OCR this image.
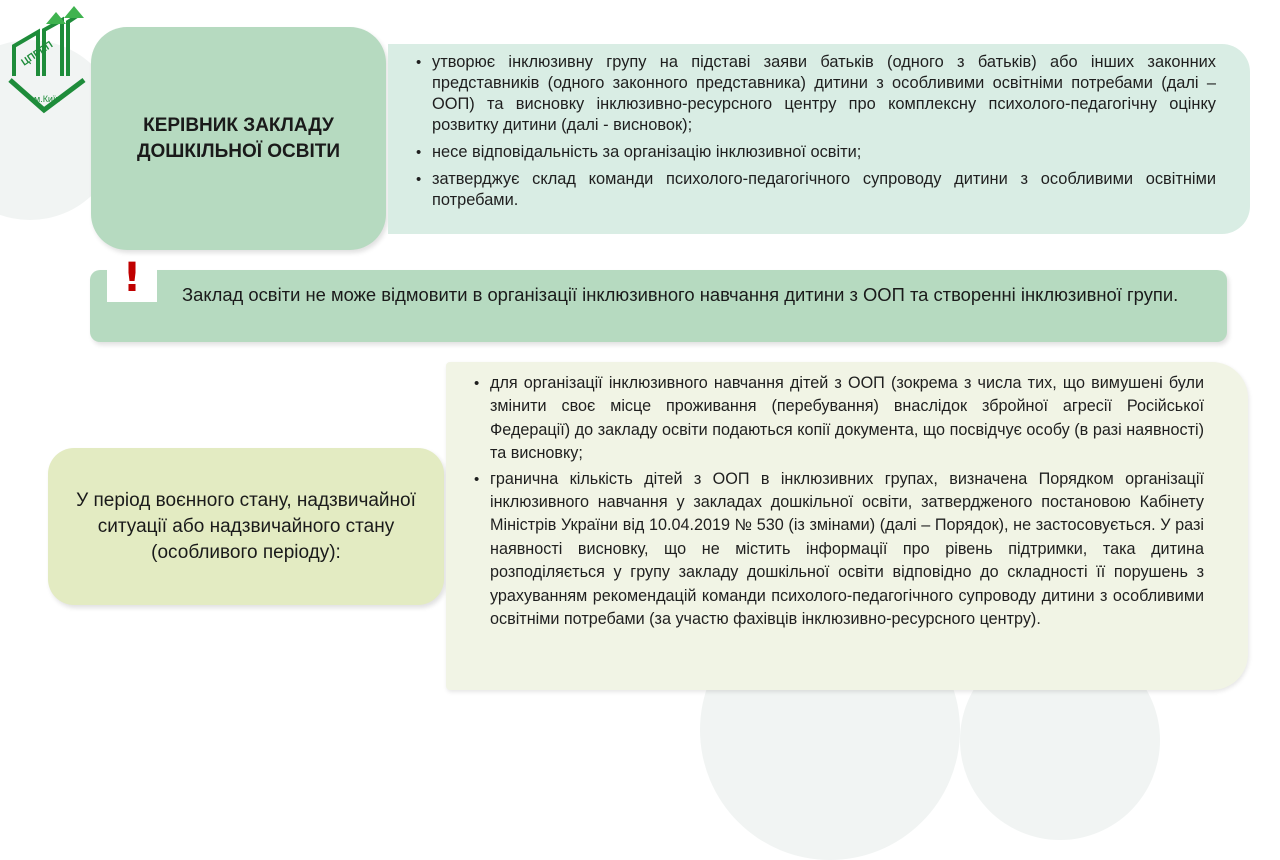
ЦПРПП
м.Київ
КЕРІВНИК ЗАКЛАДУ
ДОШКІЛЬНОЇ ОСВІТИ
• утворює інклюзивну групу на підставі заяви батьків (одного з батьків) або інших законних представників (одного законного представника) дитини з особливими освітніми потребами (далі – ООП) та висновку інклюзивно-ресурсного центру про комплексну психолого-педагогічну оцінку розвитку дитини (далі - висновок);
• несе відповідальність за організацію інклюзивної освіти;
• затверджує склад команди психолого-педагогічного супроводу дитини з особливими освітніми потребами.
Заклад освіти не може відмовити в організації інклюзивного навчання дитини з ООП та створенні інклюзивної групи.
!
У період воєнного стану, надзвичайної ситуації або надзвичайного стану (особливого періоду):
• для організації інклюзивного навчання дітей з ООП (зокрема з числа тих, що вимушені були змінити своє місце проживання (перебування) внаслідок збройної агресії Російської Федерації) до закладу освіти подаються копії документа, що посвідчує особу (в разі наявності) та висновку;
• гранична кількість дітей з ООП в інклюзивних групах, визначена Порядком організації інклюзивного навчання у закладах дошкільної освіти, затвердженого постановою Кабінету Міністрів України від 10.04.2019 № 530 (із змінами) (далі – Порядок), не застосовується. У разі наявності висновку, що не містить інформації про рівень підтримки, така дитина розподіляється у групу закладу дошкільної освіти відповідно до складності її порушень з урахуванням рекомендацій команди психолого-педагогічного супроводу дитини з особливими освітніми потребами (за участю фахівців інклюзивно-ресурсного центру).
